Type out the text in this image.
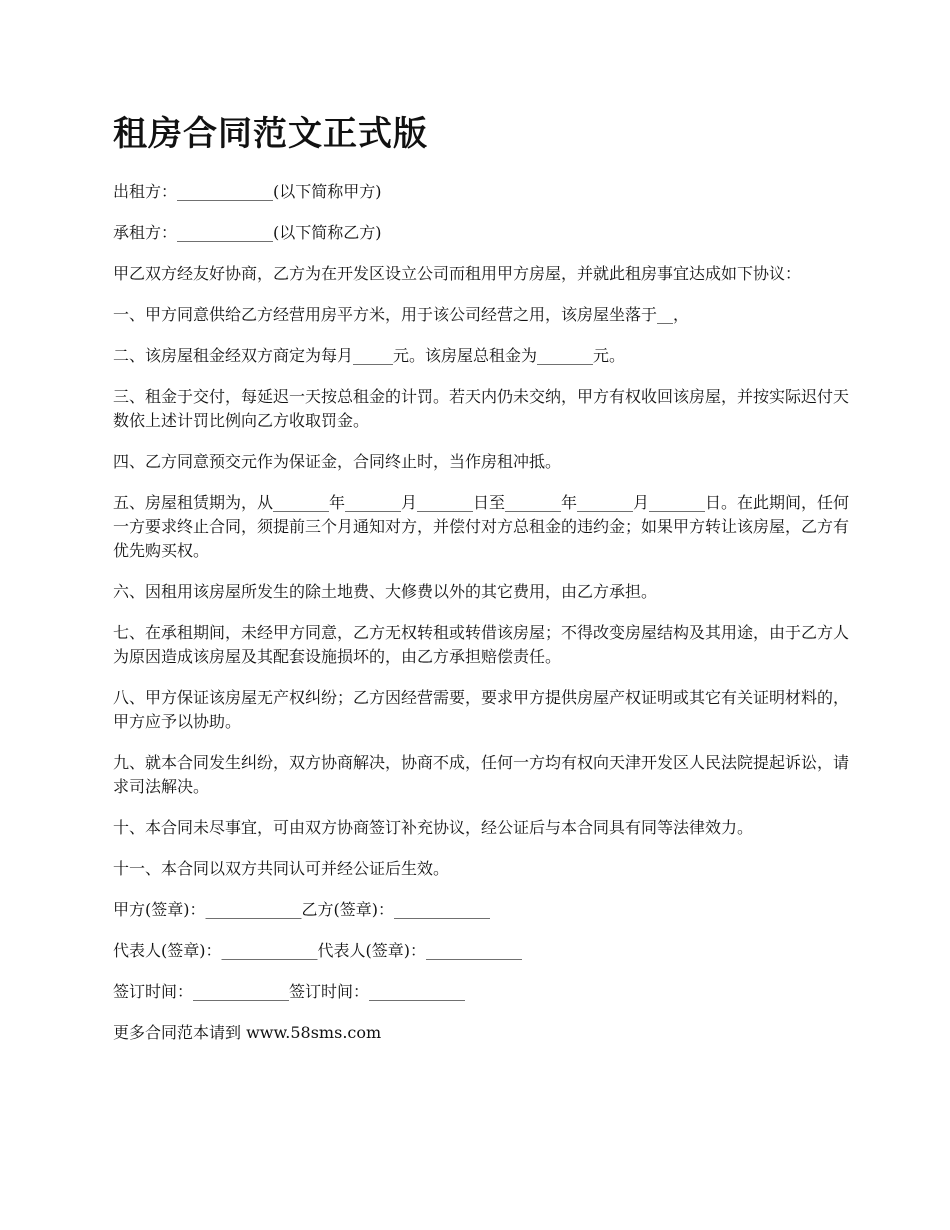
租房合同范文正式版

出租方：____________(以下简称甲方)

承租方：____________(以下简称乙方)

甲乙双方经友好协商，乙方为在开发区设立公司而租用甲方房屋，并就此租房事宜达成如下协议：

一、甲方同意供给乙方经营用房平方米，用于该公司经营之用，该房屋坐落于__，

二、该房屋租金经双方商定为每月_____元。该房屋总租金为_______元。

三、租金于交付，每延迟一天按总租金的计罚。若天内仍未交纳，甲方有权收回该房屋，并按实际迟付天数依上述计罚比例向乙方收取罚金。

四、乙方同意预交元作为保证金，合同终止时，当作房租冲抵。

五、房屋租赁期为，从_______年_______月_______日至_______年_______月_______日。在此期间，任何一方要求终止合同，须提前三个月通知对方，并偿付对方总租金的违约金；如果甲方转让该房屋，乙方有优先购买权。

六、因租用该房屋所发生的除土地费、大修费以外的其它费用，由乙方承担。

七、在承租期间，未经甲方同意，乙方无权转租或转借该房屋；不得改变房屋结构及其用途，由于乙方人为原因造成该房屋及其配套设施损坏的，由乙方承担赔偿责任。

八、甲方保证该房屋无产权纠纷；乙方因经营需要，要求甲方提供房屋产权证明或其它有关证明材料的，甲方应予以协助。

九、就本合同发生纠纷，双方协商解决，协商不成，任何一方均有权向天津开发区人民法院提起诉讼，请求司法解决。

十、本合同未尽事宜，可由双方协商签订补充协议，经公证后与本合同具有同等法律效力。

十一、本合同以双方共同认可并经公证后生效。

甲方(签章)：____________乙方(签章)：____________

代表人(签章)：____________代表人(签章)：____________

签订时间：____________签订时间：____________

更多合同范本请到 www.58sms.com
